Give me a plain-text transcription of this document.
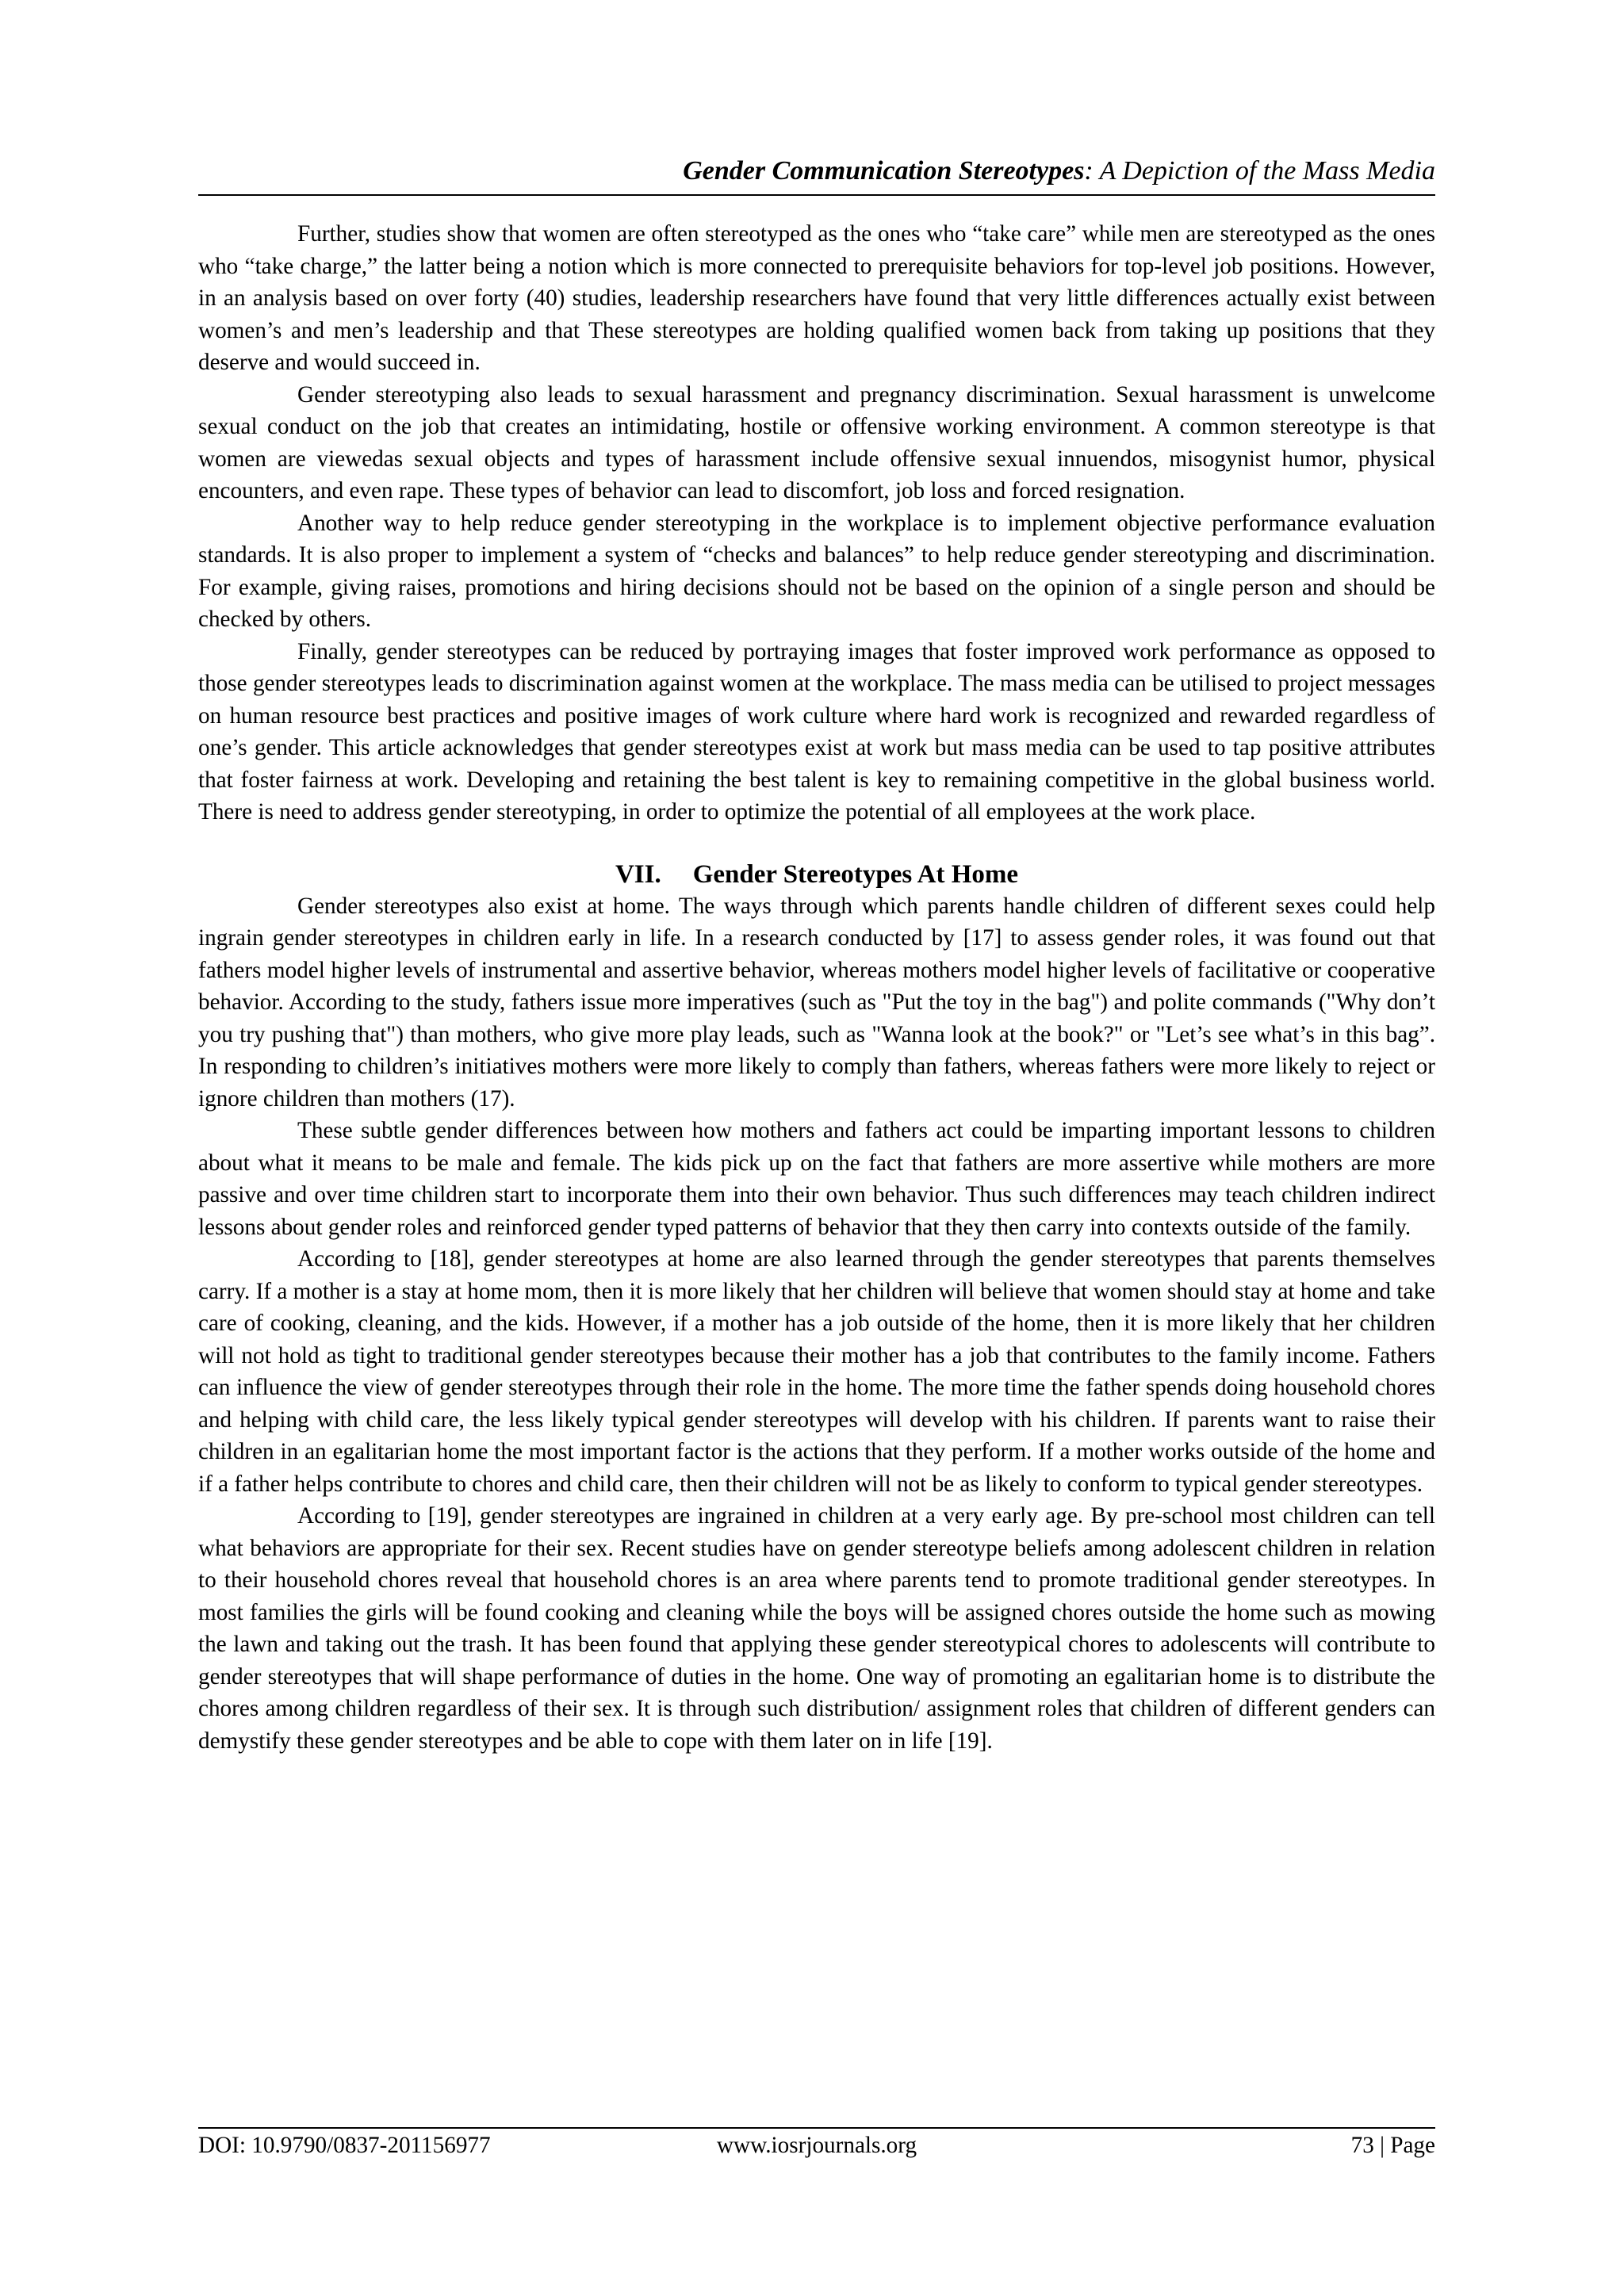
Gender Communication Stereotypes: A Depiction of the Mass Media

Further, studies show that women are often stereotyped as the ones who “take care” while men are stereotyped as the ones who “take charge,” the latter being a notion which is more connected to prerequisite behaviors for top-level job positions. However, in an analysis based on over forty (40) studies, leadership researchers have found that very little differences actually exist between women’s and men’s leadership and that These stereotypes are holding qualified women back from taking up positions that they deserve and would succeed in.

Gender stereotyping also leads to sexual harassment and pregnancy discrimination. Sexual harassment is unwelcome sexual conduct on the job that creates an intimidating, hostile or offensive working environment. A common stereotype is that women are viewedas sexual objects and types of harassment include offensive sexual innuendos, misogynist humor, physical encounters, and even rape. These types of behavior can lead to discomfort, job loss and forced resignation.

Another way to help reduce gender stereotyping in the workplace is to implement objective performance evaluation standards. It is also proper to implement a system of “checks and balances” to help reduce gender stereotyping and discrimination. For example, giving raises, promotions and hiring decisions should not be based on the opinion of a single person and should be checked by others.

Finally, gender stereotypes can be reduced by portraying images that foster improved work performance as opposed to those gender stereotypes leads to discrimination against women at the workplace. The mass media can be utilised to project messages on human resource best practices and positive images of work culture where hard work is recognized and rewarded regardless of one’s gender. This article acknowledges that gender stereotypes exist at work but mass media can be used to tap positive attributes that foster fairness at work. Developing and retaining the best talent is key to remaining competitive in the global business world. There is need to address gender stereotyping, in order to optimize the potential of all employees at the work place.

VII. Gender Stereotypes At Home

Gender stereotypes also exist at home. The ways through which parents handle children of different sexes could help ingrain gender stereotypes in children early in life. In a research conducted by [17] to assess gender roles, it was found out that fathers model higher levels of instrumental and assertive behavior, whereas mothers model higher levels of facilitative or cooperative behavior. According to the study, fathers issue more imperatives (such as "Put the toy in the bag") and polite commands ("Why don’t you try pushing that") than mothers, who give more play leads, such as "Wanna look at the book?" or "Let’s see what’s in this bag”. In responding to children’s initiatives mothers were more likely to comply than fathers, whereas fathers were more likely to reject or ignore children than mothers (17).

These subtle gender differences between how mothers and fathers act could be imparting important lessons to children about what it means to be male and female. The kids pick up on the fact that fathers are more assertive while mothers are more passive and over time children start to incorporate them into their own behavior. Thus such differences may teach children indirect lessons about gender roles and reinforced gender typed patterns of behavior that they then carry into contexts outside of the family.

According to [18], gender stereotypes at home are also learned through the gender stereotypes that parents themselves carry. If a mother is a stay at home mom, then it is more likely that her children will believe that women should stay at home and take care of cooking, cleaning, and the kids. However, if a mother has a job outside of the home, then it is more likely that her children will not hold as tight to traditional gender stereotypes because their mother has a job that contributes to the family income. Fathers can influence the view of gender stereotypes through their role in the home. The more time the father spends doing household chores and helping with child care, the less likely typical gender stereotypes will develop with his children. If parents want to raise their children in an egalitarian home the most important factor is the actions that they perform. If a mother works outside of the home and if a father helps contribute to chores and child care, then their children will not be as likely to conform to typical gender stereotypes.

According to [19], gender stereotypes are ingrained in children at a very early age. By pre-school most children can tell what behaviors are appropriate for their sex. Recent studies have on gender stereotype beliefs among adolescent children in relation to their household chores reveal that household chores is an area where parents tend to promote traditional gender stereotypes. In most families the girls will be found cooking and cleaning while the boys will be assigned chores outside the home such as mowing the lawn and taking out the trash. It has been found that applying these gender stereotypical chores to adolescents will contribute to gender stereotypes that will shape performance of duties in the home. One way of promoting an egalitarian home is to distribute the chores among children regardless of their sex. It is through such distribution/ assignment roles that children of different genders can demystify these gender stereotypes and be able to cope with them later on in life [19].

DOI: 10.9790/0837-201156977	www.iosrjournals.org	73 | Page
